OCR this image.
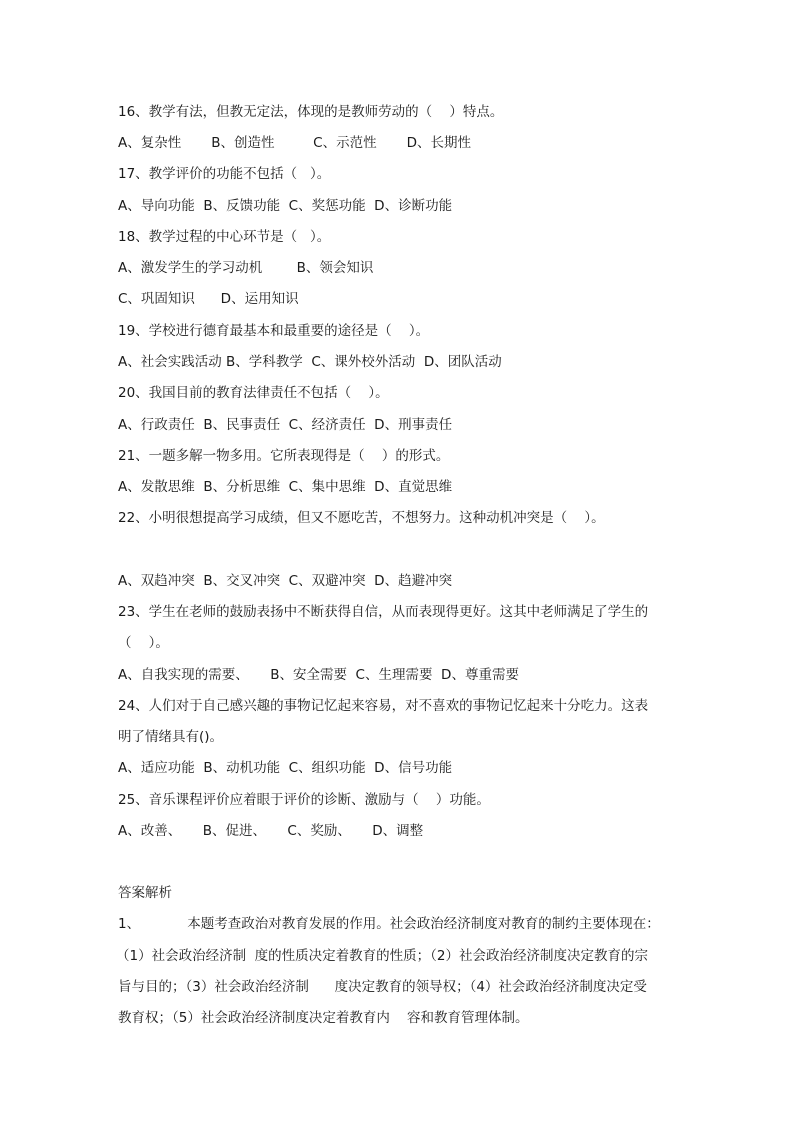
16、教学有法，但教无定法，体现的是教师劳动的（    ）特点。
A、复杂性       B、创造性         C、示范性       D、长期性
17、教学评价的功能不包括（   ）。
A、导向功能  B、反馈功能  C、奖惩功能  D、诊断功能
18、教学过程的中心环节是（   ）。
A、激发学生的学习动机        B、领会知识
C、巩固知识      D、运用知识
19、学校进行德育最基本和最重要的途径是（    ）。
A、社会实践活动 B、学科教学  C、课外校外活动  D、团队活动
20、我国目前的教育法律责任不包括（    ）。
A、行政责任  B、民事责任  C、经济责任  D、刑事责任
21、一题多解一物多用。它所表现得是（    ）的形式。
A、发散思维  B、分析思维  C、集中思维  D、直觉思维
22、小明很想提高学习成绩，但又不愿吃苦，不想努力。这种动机冲突是（    ）。
A、双趋冲突  B、交叉冲突  C、双避冲突  D、趋避冲突
23、学生在老师的鼓励表扬中不断获得自信，从而表现得更好。这其中老师满足了学生的
（    ）。
A、自我实现的需要、     B、安全需要  C、生理需要  D、尊重需要
24、人们对于自己感兴趣的事物记忆起来容易，对不喜欢的事物记忆起来十分吃力。这表
明了情绪具有()。
A、适应功能  B、动机功能  C、组织功能  D、信号功能
25、音乐课程评价应着眼于评价的诊断、激励与（    ）功能。
A、改善、     B、促进、     C、奖励、     D、调整
答案解析
1、           本题考查政治对教育发展的作用。社会政治经济制度对教育的制约主要体现在：
（1）社会政治经济制  度的性质决定着教育的性质；（2）社会政治经济制度决定教育的宗
旨与目的；（3）社会政治经济制      度决定教育的领导权；（4）社会政治经济制度决定受
教育权；（5）社会政治经济制度决定着教育内    容和教育管理体制。
